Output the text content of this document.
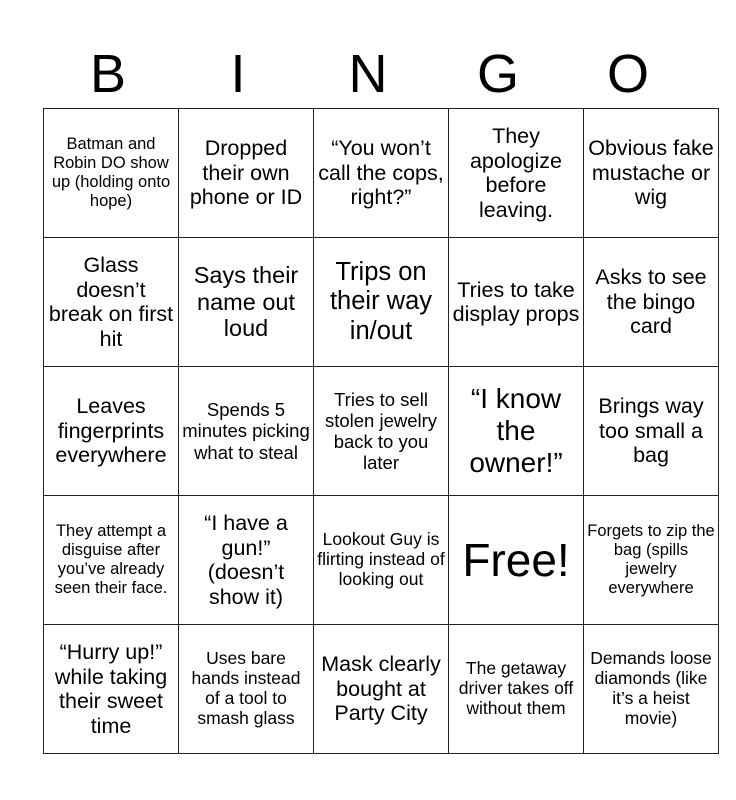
B	I	N	G	O
Batman and Robin DO show up (holding onto hope)	Dropped their own phone or ID	“You won’t call the cops, right?”	They apologize before leaving.	Obvious fake mustache or wig
Glass doesn’t break on first hit	Says their name out loud	Trips on their way in/out	Tries to take display props	Asks to see the bingo card
Leaves fingerprints everywhere	Spends 5 minutes picking what to steal	Tries to sell stolen jewelry back to you later	“I know the owner!”	Brings way too small a bag
They attempt a disguise after you’ve already seen their face.	“I have a gun!” (doesn’t show it)	Lookout Guy is flirting instead of looking out	Free!	Forgets to zip the bag (spills jewelry everywhere
“Hurry up!” while taking their sweet time	Uses bare hands instead of a tool to smash glass	Mask clearly bought at Party City	The getaway driver takes off without them	Demands loose diamonds (like it’s a heist movie)
